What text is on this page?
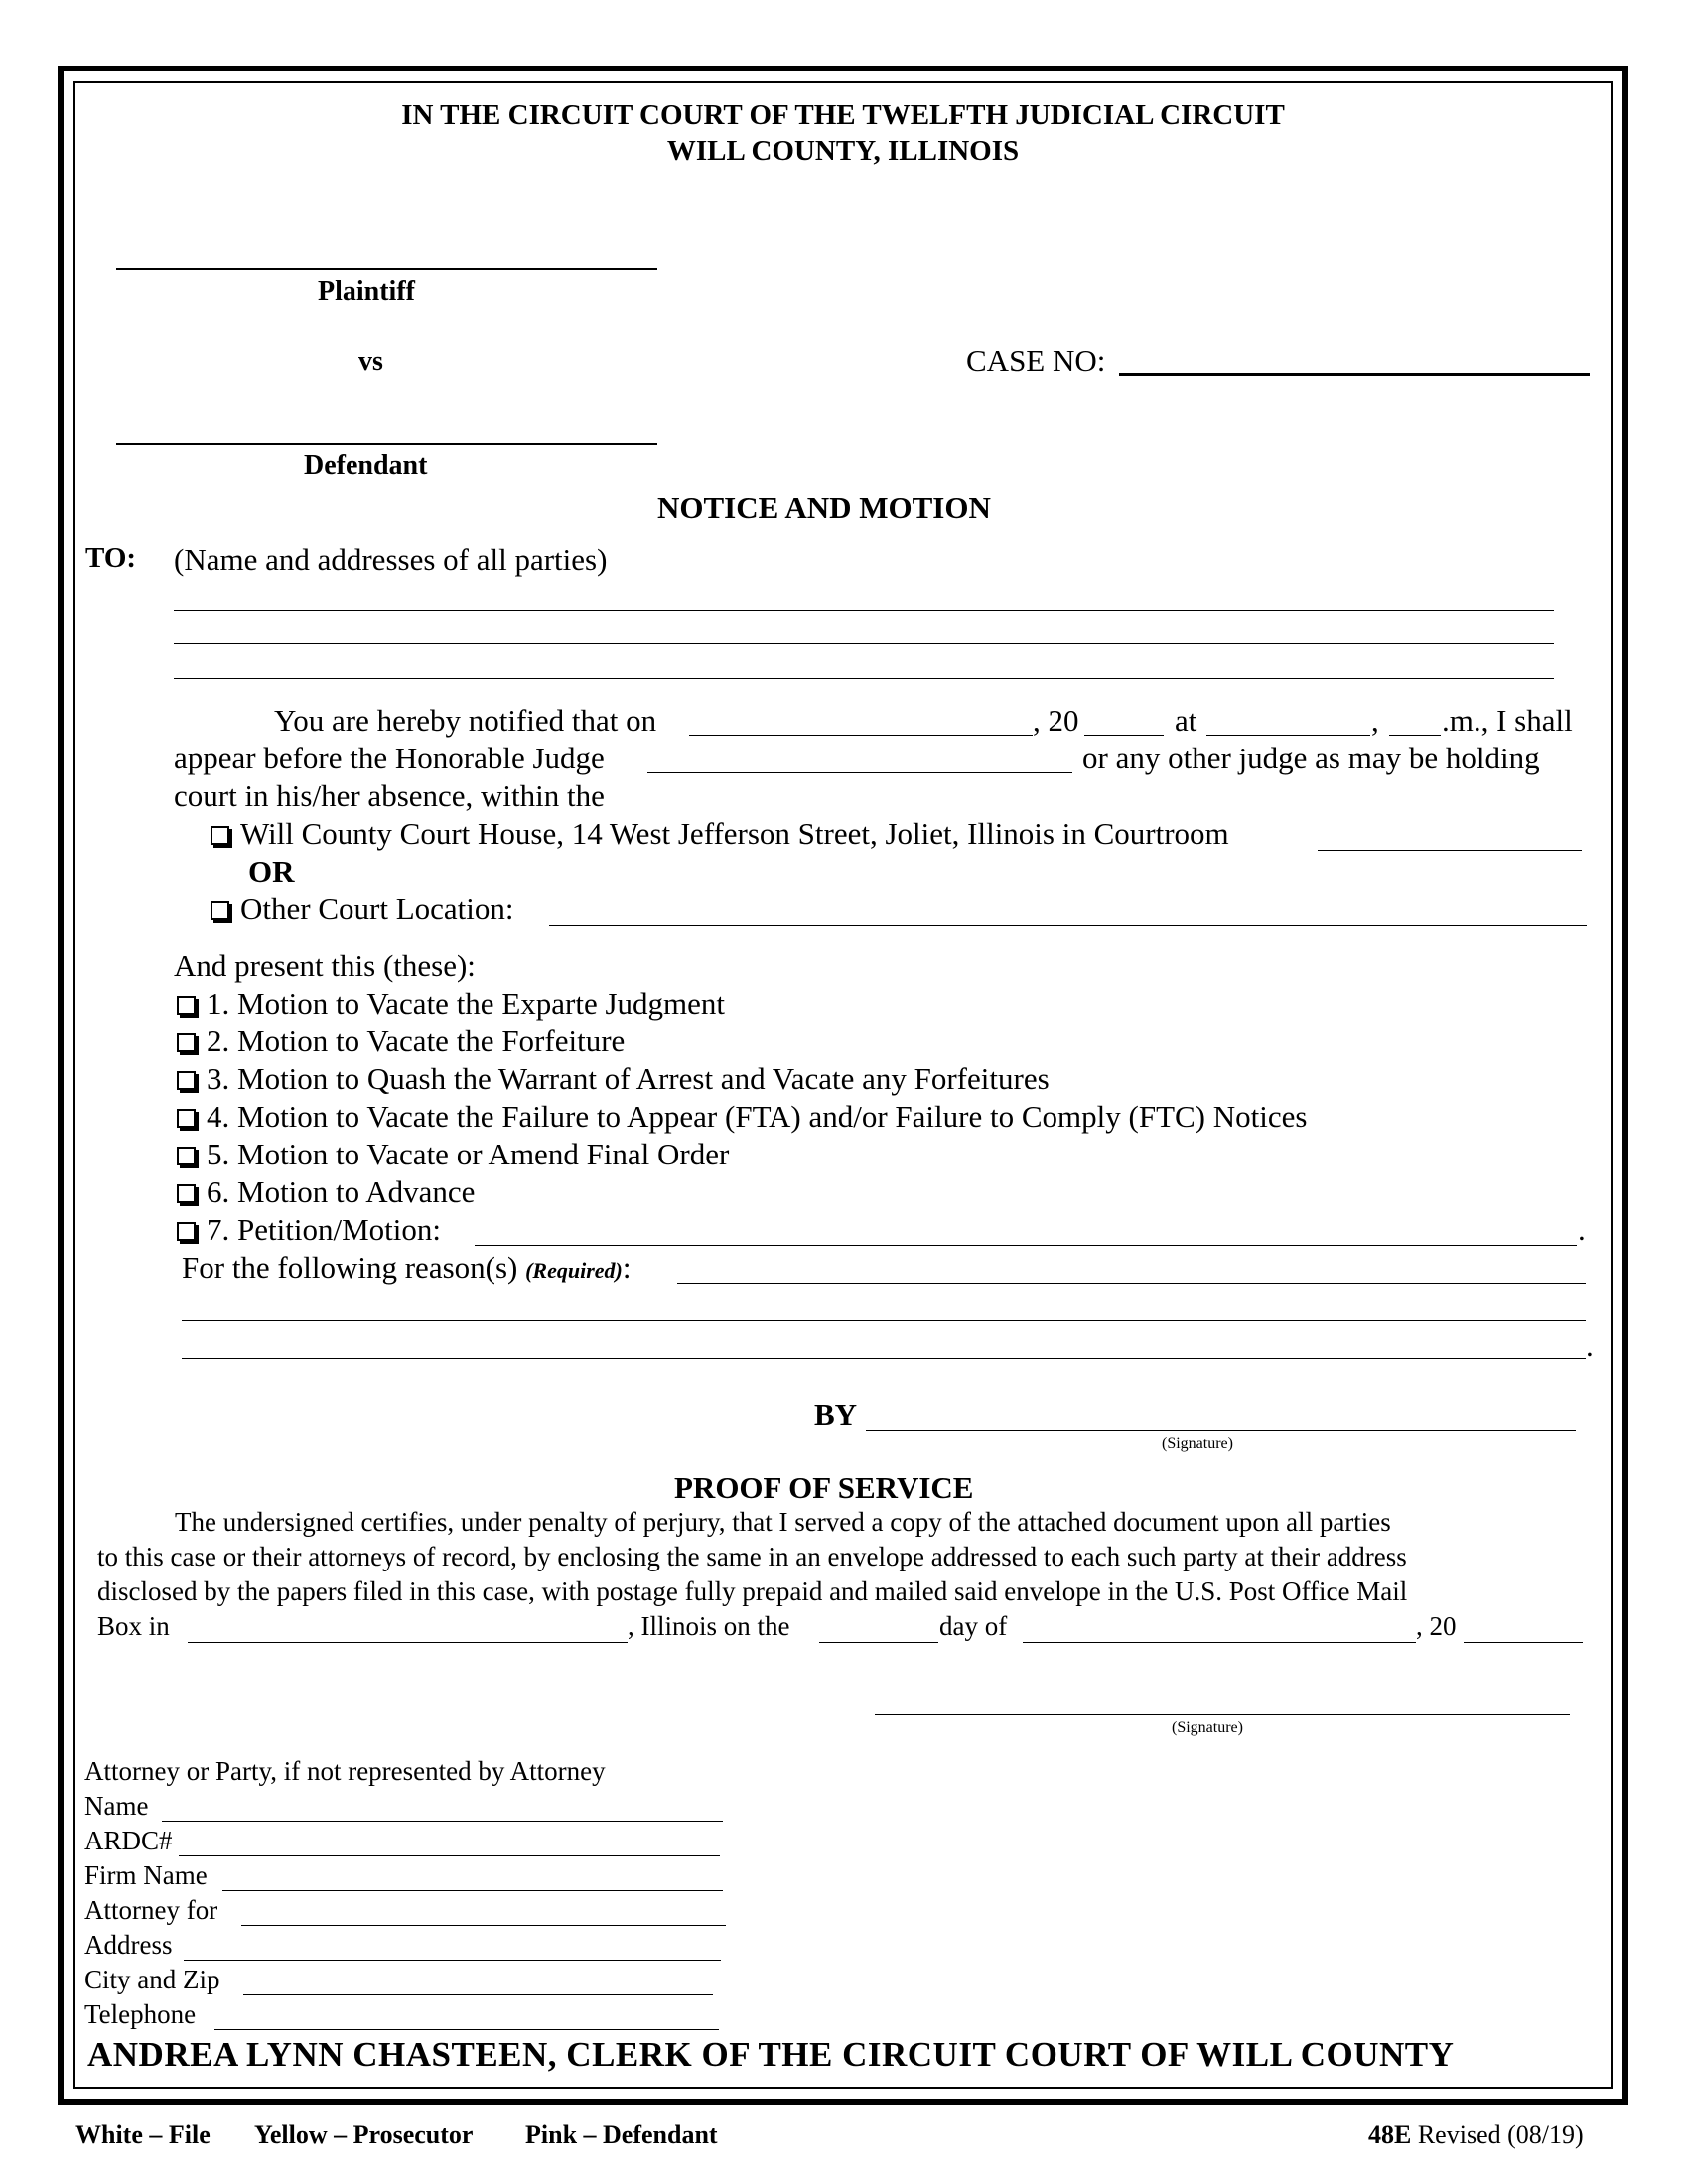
IN THE CIRCUIT COURT OF THE TWELFTH JUDICIAL CIRCUIT
WILL COUNTY, ILLINOIS
Plaintiff
vs	CASE NO:
Defendant
NOTICE AND MOTION
TO: (Name and addresses of all parties)
You are hereby notified that on	, 20	at	, .m., I shall
appear before the Honorable Judge	or any other judge as may be holding
court in his/her absence, within the
Will County Court House, 14 West Jefferson Street, Joliet, Illinois in Courtroom
OR
Other Court Location:
And present this (these):
1. Motion to Vacate the Exparte Judgment
2. Motion to Vacate the Forfeiture
3. Motion to Quash the Warrant of Arrest and Vacate any Forfeitures
4. Motion to Vacate the Failure to Appear (FTA) and/or Failure to Comply (FTC) Notices
5. Motion to Vacate or Amend Final Order
6. Motion to Advance
7. Petition/Motion:	.
For the following reason(s) (Required):
.
BY
(Signature)
PROOF OF SERVICE
The undersigned certifies, under penalty of perjury, that I served a copy of the attached document upon all parties
to this case or their attorneys of record, by enclosing the same in an envelope addressed to each such party at their address
disclosed by the papers filed in this case, with postage fully prepaid and mailed said envelope in the U.S. Post Office Mail
Box in	, Illinois on the	day of	, 20
(Signature)
Attorney or Party, if not represented by Attorney
Name
ARDC#
Firm Name
Attorney for
Address
City and Zip
Telephone
ANDREA LYNN CHASTEEN, CLERK OF THE CIRCUIT COURT OF WILL COUNTY
White – File Yellow – Prosecutor Pink – Defendant	48E Revised (08/19)
